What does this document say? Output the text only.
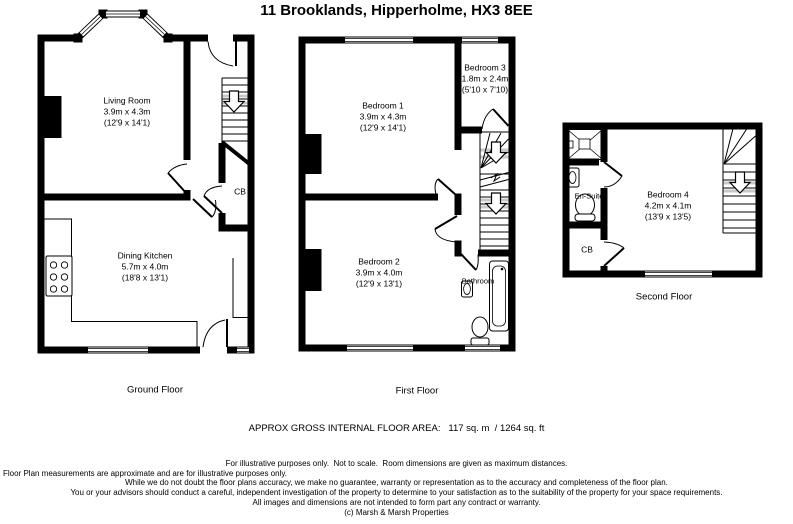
11 Brooklands, Hipperholme, HX3 8EE
Living Room
3.9m x 4.3m
(12'9 x 14'1)
Dining Kitchen
5.7m x 4.0m
(18'8 x 13'1)
CB
Ground Floor
Bedroom 1
3.9m x 4.3m
(12'9 x 14'1)
Bedroom 3
1.8m x 2.4m
(5'10 x 7'10)
Bedroom 2
3.9m x 4.0m
(12'9 x 13'1)	Bathroom
First Floor
Bedroom 4
4.2m x 4.1m
(13'9 x 13'5)
En-Suite
CB
Second Floor
APPROX GROSS INTERNAL FLOOR AREA:   117 sq. m  / 1264 sq. ft
For illustrative purposes only.  Not to scale.  Room dimensions are given as maximum distances.
Floor Plan measurements are approximate and are for illustrative purposes only.
While we do not doubt the floor plans accuracy, we make no guarantee, warranty or representation as to the accuracy and completeness of the floor plan.
You or your advisors should conduct a careful, independent investigation of the property to determine to your satisfaction as to the suitability of the property for your space requirements.
All images and dimensions are not intended to form part any contract or warranty.
(c) Marsh & Marsh Properties
